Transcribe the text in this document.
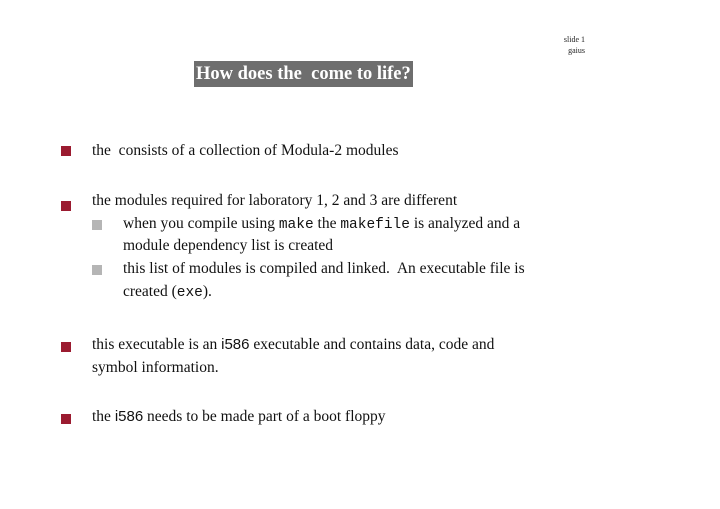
slide 1
gaius
How does the  come to life?
the  consists of a collection of Modula-2 modules
the modules required for laboratory 1, 2 and 3 are different
when you compile using make the makefile is analyzed and a
module dependency list is created
this list of modules is compiled and linked.  An executable file is
created (exe).
this executable is an i586 executable and contains data, code and
symbol information.
the i586 needs to be made part of a boot floppy
